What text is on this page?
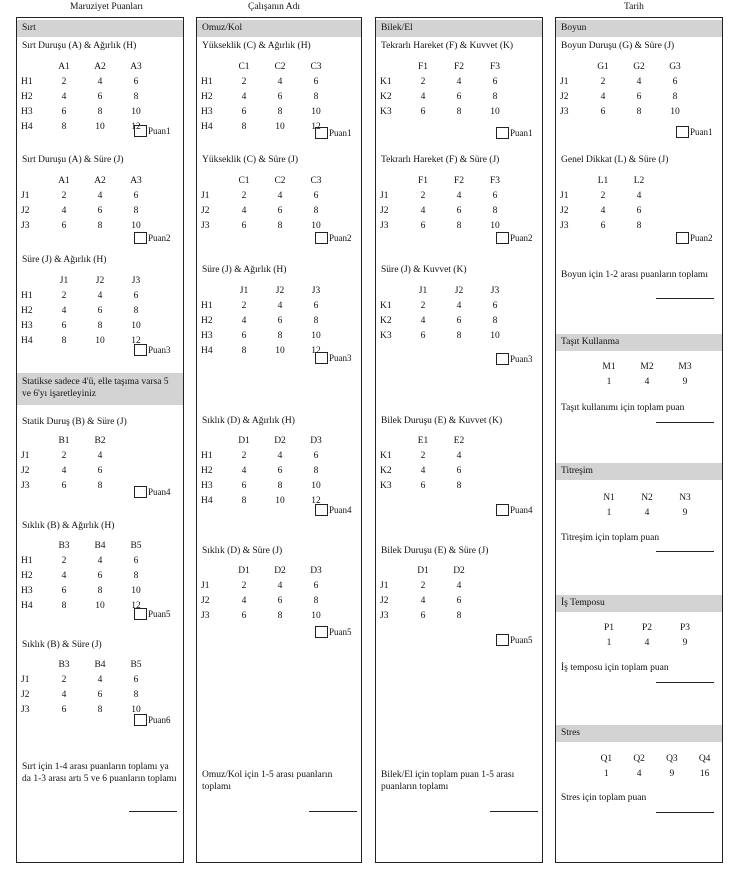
Maruziyet Puanları	Çalışanın Adı	Tarih
Sırt
Sırt Duruşu (A) & Ağırlık (H)
	A1	A2	A3
H1	2	4	6
H2	4	6	8
H3	6	8	10
H4	8	10	12 Puan1
Sırt Duruşu (A) & Süre (J)
	A1	A2	A3
J1	2	4	6
J2	4	6	8
J3	6	8	10
Puan2
Süre (J) & Ağırlık (H)
	J1	J2	J3
H1	2	4	6
H2	4	6	8
H3	6	8	10
H4	8	10	12
Puan3
Statikse sadece 4'ü, elle taşıma varsa 5 ve 6'yı işaretleyiniz
Statik Duruş (B) & Süre (J)
	B1	B2
J1	2	4
J2	4	6
J3	6	8
Puan4
Sıklık (B) & Ağırlık (H)
	B3	B4	B5
H1	2	4	6
H2	4	6	8
H3	6	8	10
H4	8	10	12
Puan5
Sıklık (B) & Süre (J)
	B3	B4	B5
J1	2	4	6
J2	4	6	8
J3	6	8	10
Puan6
Sırt için 1-4 arası puanların toplamı ya da 1-3 arası artı 5 ve 6 puanların toplamı
Omuz/Kol
Yükseklik (C) & Ağırlık (H)
	C1	C2	C3
H1	2	4	6
H2	4	6	8
H3	6	8	10
H4	8	10	12
Puan1
Yükseklik (C) & Süre (J)
	C1	C2	C3
J1	2	4	6
J2	4	6	8
J3	6	8	10
Puan2
Süre (J) & Ağırlık (H)
	J1	J2	J3
H1	2	4	6
H2	4	6	8
H3	6	8	10
H4	8	10	12
Puan3
Sıklık (D) & Ağırlık (H)
	D1	D2	D3
H1	2	4	6
H2	4	6	8
H3	6	8	10
H4	8	10	12
Puan4
Sıklık (D) & Süre (J)
	D1	D2	D3
J1	2	4	6
J2	4	6	8
J3	6	8	10
Puan5
Omuz/Kol için 1-5 arası puanların toplamı
Bilek/El
Tekrarlı Hareket (F) & Kuvvet (K)
	F1	F2	F3
K1	2	4	6
K2	4	6	8
K3	6	8	10
Puan1
Tekrarlı Hareket (F) & Süre (J)
	F1	F2	F3
J1	2	4	6
J2	4	6	8
J3	6	8	10
Puan2
Süre (J) & Kuvvet (K)
	J1	J2	J3
K1	2	4	6
K2	4	6	8
K3	6	8	10
Puan3
Bilek Duruşu (E) & Kuvvet (K)
	E1	E2
K1	2	4
K2	4	6
K3	6	8
Puan4
Bilek Duruşu (E) & Süre (J)
	D1	D2
J1	2	4
J2	4	6
J3	6	8
Puan5
Bilek/El için toplam puan 1-5 arası puanların toplamı
Boyun
Boyun Duruşu (G) & Süre (J)
	G1	G2	G3
J1	2	4	6
J2	4	6	8
J3	6	8	10
Puan1
Genel Dikkat (L) & Süre (J)
	L1	L2
J1	2	4
J2	4	6
J3	6	8
Puan2
Boyun için 1-2 arası puanların toplamı
Taşıt Kullanma
M1	M2	M3
1	4	9
Taşıt kullanımı için toplam puan
Titreşim
N1	N2	N3
1	4	9
Titreşim için toplam puan
İş Temposu
P1	P2	P3
1	4	9
İş temposu için toplam puan
Stres
Q1	Q2	Q3	Q4
1	4	9	16
Stres için toplam puan
